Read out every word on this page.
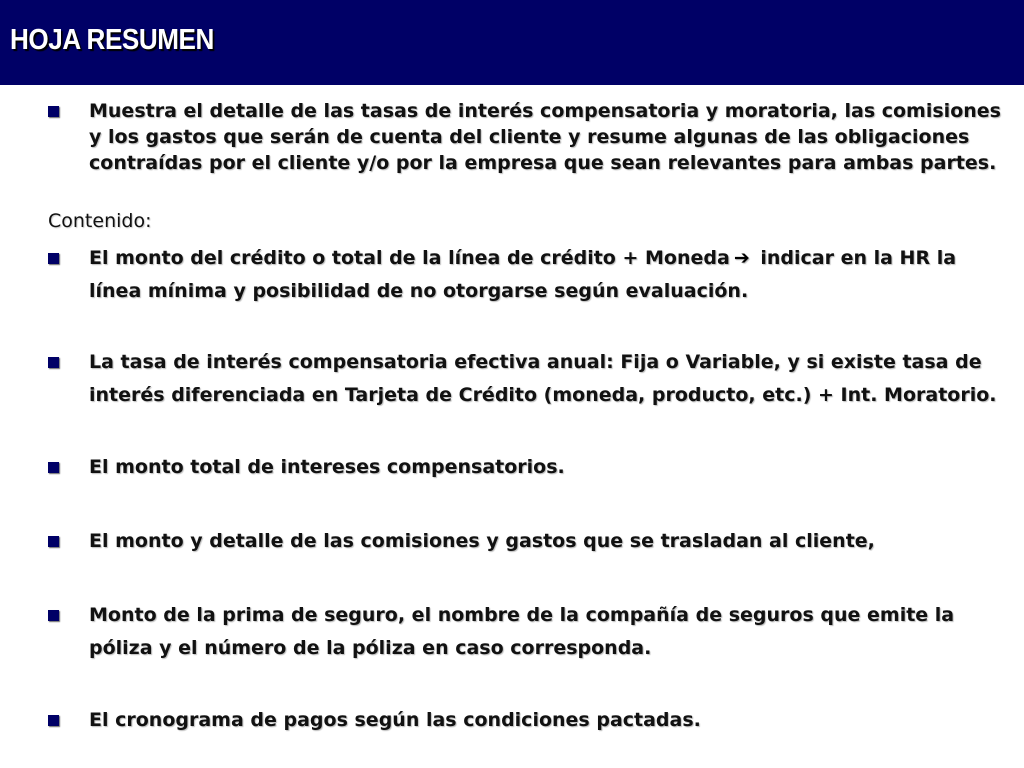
HOJA RESUMEN
Muestra el detalle de las tasas de interés compensatoria y moratoria, las comisiones y los gastos que serán de cuenta del cliente y resume algunas de las obligaciones contraídas por el cliente y/o por la empresa que sean relevantes para ambas partes.
Contenido:
El monto del crédito o total de la línea de crédito + Moneda ➔ indicar en la HR la línea mínima y posibilidad de no otorgarse según evaluación.
La tasa de interés compensatoria efectiva anual: Fija o Variable, y si existe tasa de interés diferenciada en Tarjeta de Crédito (moneda, producto, etc.) + Int. Moratorio.
El monto total de intereses compensatorios.
El monto y detalle de las comisiones y gastos que se trasladan al cliente,
Monto de la prima de seguro, el nombre de la compañía de seguros que emite la póliza y el número de la póliza en caso corresponda.
El cronograma de pagos según las condiciones pactadas.
